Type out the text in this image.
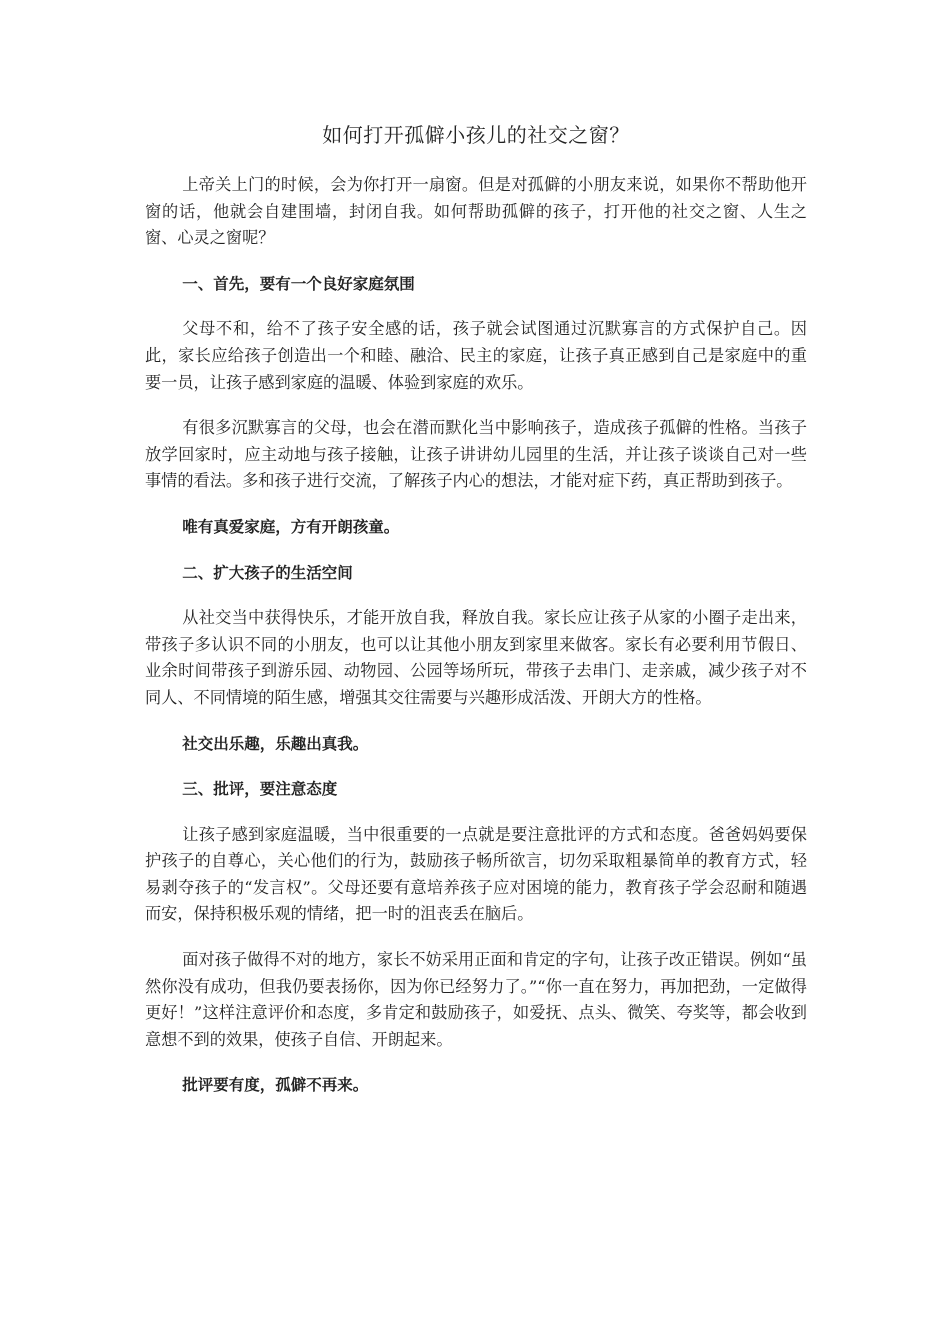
如何打开孤僻小孩儿的社交之窗？

上帝关上门的时候，会为你打开一扇窗。但是对孤僻的小朋友来说，如果你不帮助他开窗的话，他就会自建围墙，封闭自我。如何帮助孤僻的孩子，打开他的社交之窗、人生之窗、心灵之窗呢？

一、首先，要有一个良好家庭氛围

父母不和，给不了孩子安全感的话，孩子就会试图通过沉默寡言的方式保护自己。因此，家长应给孩子创造出一个和睦、融洽、民主的家庭，让孩子真正感到自己是家庭中的重要一员，让孩子感到家庭的温暖、体验到家庭的欢乐。

有很多沉默寡言的父母，也会在潜而默化当中影响孩子，造成孩子孤僻的性格。当孩子放学回家时，应主动地与孩子接触，让孩子讲讲幼儿园里的生活，并让孩子谈谈自己对一些事情的看法。多和孩子进行交流，了解孩子内心的想法，才能对症下药，真正帮助到孩子。

唯有真爱家庭，方有开朗孩童。

二、扩大孩子的生活空间

从社交当中获得快乐，才能开放自我，释放自我。家长应让孩子从家的小圈子走出来，带孩子多认识不同的小朋友，也可以让其他小朋友到家里来做客。家长有必要利用节假日、业余时间带孩子到游乐园、动物园、公园等场所玩，带孩子去串门、走亲戚，减少孩子对不同人、不同情境的陌生感，增强其交往需要与兴趣形成活泼、开朗大方的性格。

社交出乐趣，乐趣出真我。

三、批评，要注意态度

让孩子感到家庭温暖，当中很重要的一点就是要注意批评的方式和态度。爸爸妈妈要保护孩子的自尊心，关心他们的行为，鼓励孩子畅所欲言，切勿采取粗暴简单的教育方式，轻易剥夺孩子的“发言权”。父母还要有意培养孩子应对困境的能力，教育孩子学会忍耐和随遇而安，保持积极乐观的情绪，把一时的沮丧丢在脑后。

面对孩子做得不对的地方，家长不妨采用正面和肯定的字句，让孩子改正错误。例如“虽然你没有成功，但我仍要表扬你，因为你已经努力了。”“你一直在努力，再加把劲，一定做得更好！”这样注意评价和态度，多肯定和鼓励孩子，如爱抚、点头、微笑、夸奖等，都会收到意想不到的效果，使孩子自信、开朗起来。

批评要有度，孤僻不再来。
